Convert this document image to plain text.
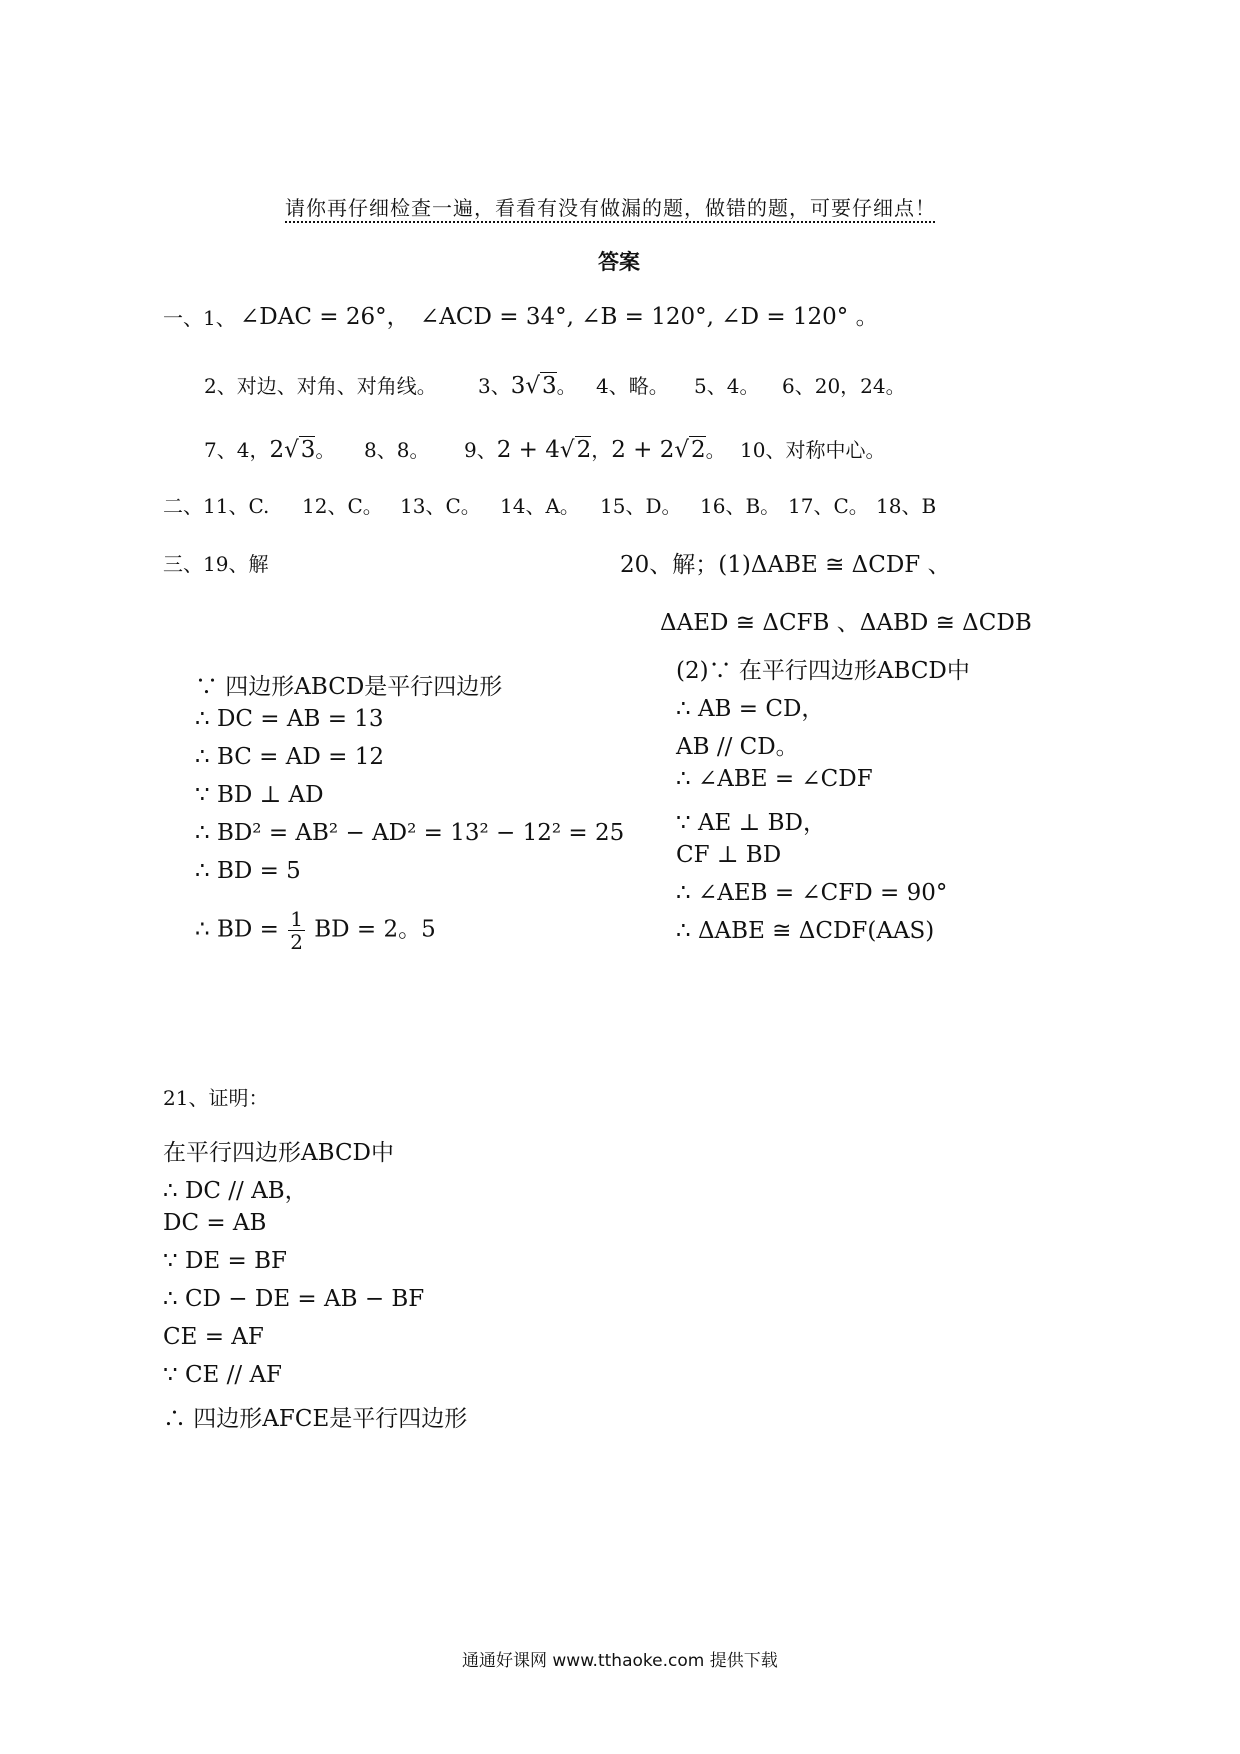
请你再仔细检查一遍，看看有没有做漏的题，做错的题，可要仔细点！
答案
一、1、 ∠DAC = 26°， ∠ACD = 34°, ∠B = 120°, ∠D = 120° 。
2、对边、对角、对角线。 3、3√3。 4、略。 5、4。 6、20，24。
7、4，2√3。 8、8。 9、2 + 4√2，2 + 2√2。 10、对称中心。
二、11、C. 12、C。 13、C。 14、A。 15、D。 16、B。 17、C。 18、B
三、19、解
∵ 四边形ABCD是平行四边形
∴ DC = AB = 13
∴ BC = AD = 12
∵ BD ⊥ AD
∴ BD² = AB² − AD² = 13² − 12² = 25
∴ BD = 5
∴ BD = $\frac{1}{2}$ BD = 2。5
20、解；(1)ΔABE ≅ ΔCDF 、
ΔAED ≅ ΔCFB 、ΔABD ≅ ΔCDB
(2)∵ 在平行四边形ABCD中
∴ AB = CD，
AB // CD。
∴ ∠ABE = ∠CDF
∵ AE ⊥ BD，
CF ⊥ BD
∴ ∠AEB = ∠CFD = 90°
∴ ΔABE ≅ ΔCDF(AAS)
21、证明：
在平行四边形ABCD中
∴ DC // AB，
DC = AB
∵ DE = BF
∴ CD − DE = AB − BF
CE = AF
∵ CE // AF
∴ 四边形AFCE是平行四边形
通通好课网 www.tthaoke.com 提供下载
